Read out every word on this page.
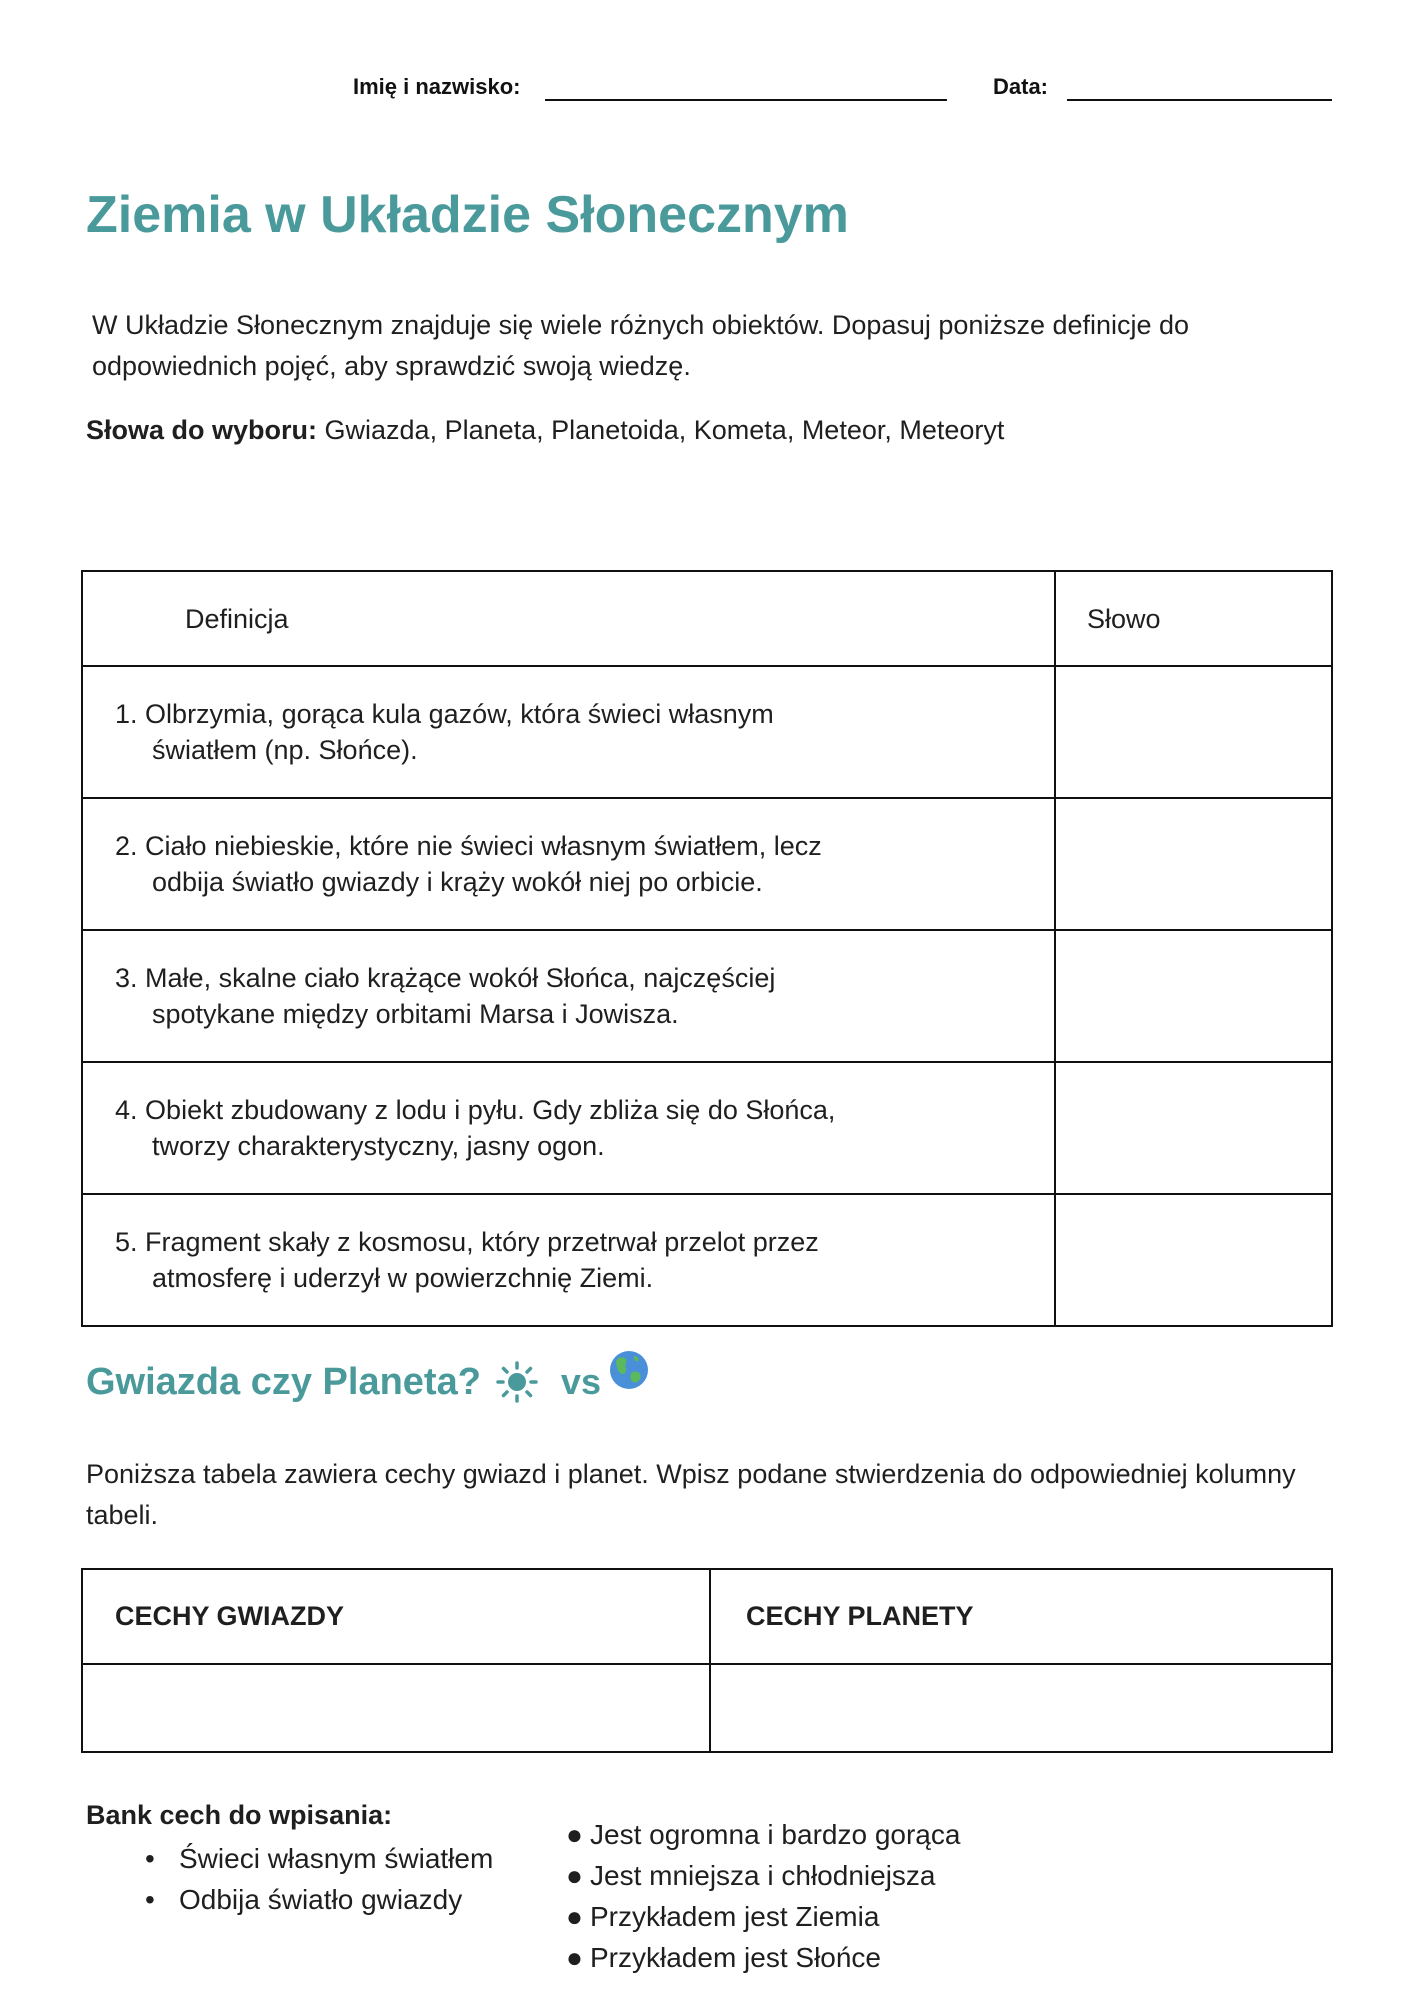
Imię i nazwisko:	Data:
Ziemia w Układzie Słonecznym
W Układzie Słonecznym znajduje się wiele różnych obiektów. Dopasuj poniższe definicje do odpowiednich pojęć, aby sprawdzić swoją wiedzę.
Słowa do wyboru: Gwiazda, Planeta, Planetoida, Kometa, Meteor, Meteoryt
Definicja	Słowo

1. Olbrzymia, gorąca kula gazów, która świeci własnym
światłem (np. Słońce).	

2. Ciało niebieskie, które nie świeci własnym światłem, lecz
odbija światło gwiazdy i krąży wokół niej po orbicie.	

3. Małe, skalne ciało krążące wokół Słońca, najczęściej
spotykane między orbitami Marsa i Jowisza.	

4. Obiekt zbudowany z lodu i pyłu. Gdy zbliża się do Słońca,
tworzy charakterystyczny, jasny ogon.	

5. Fragment skały z kosmosu, który przetrwał przelot przez
atmosferę i uderzył w powierzchnię Ziemi.	

Gwiazda czy Planeta? vs
Poniższa tabela zawiera cechy gwiazd i planet. Wpisz podane stwierdzenia do odpowiedniej kolumny tabeli.
CECHY GWIAZDY	CECHY PLANETY

Bank cech do wpisania:
• Świeci własnym światłem
• Odbija światło gwiazdy
● Jest ogromna i bardzo gorąca
● Jest mniejsza i chłodniejsza
● Przykładem jest Ziemia
● Przykładem jest Słońce
